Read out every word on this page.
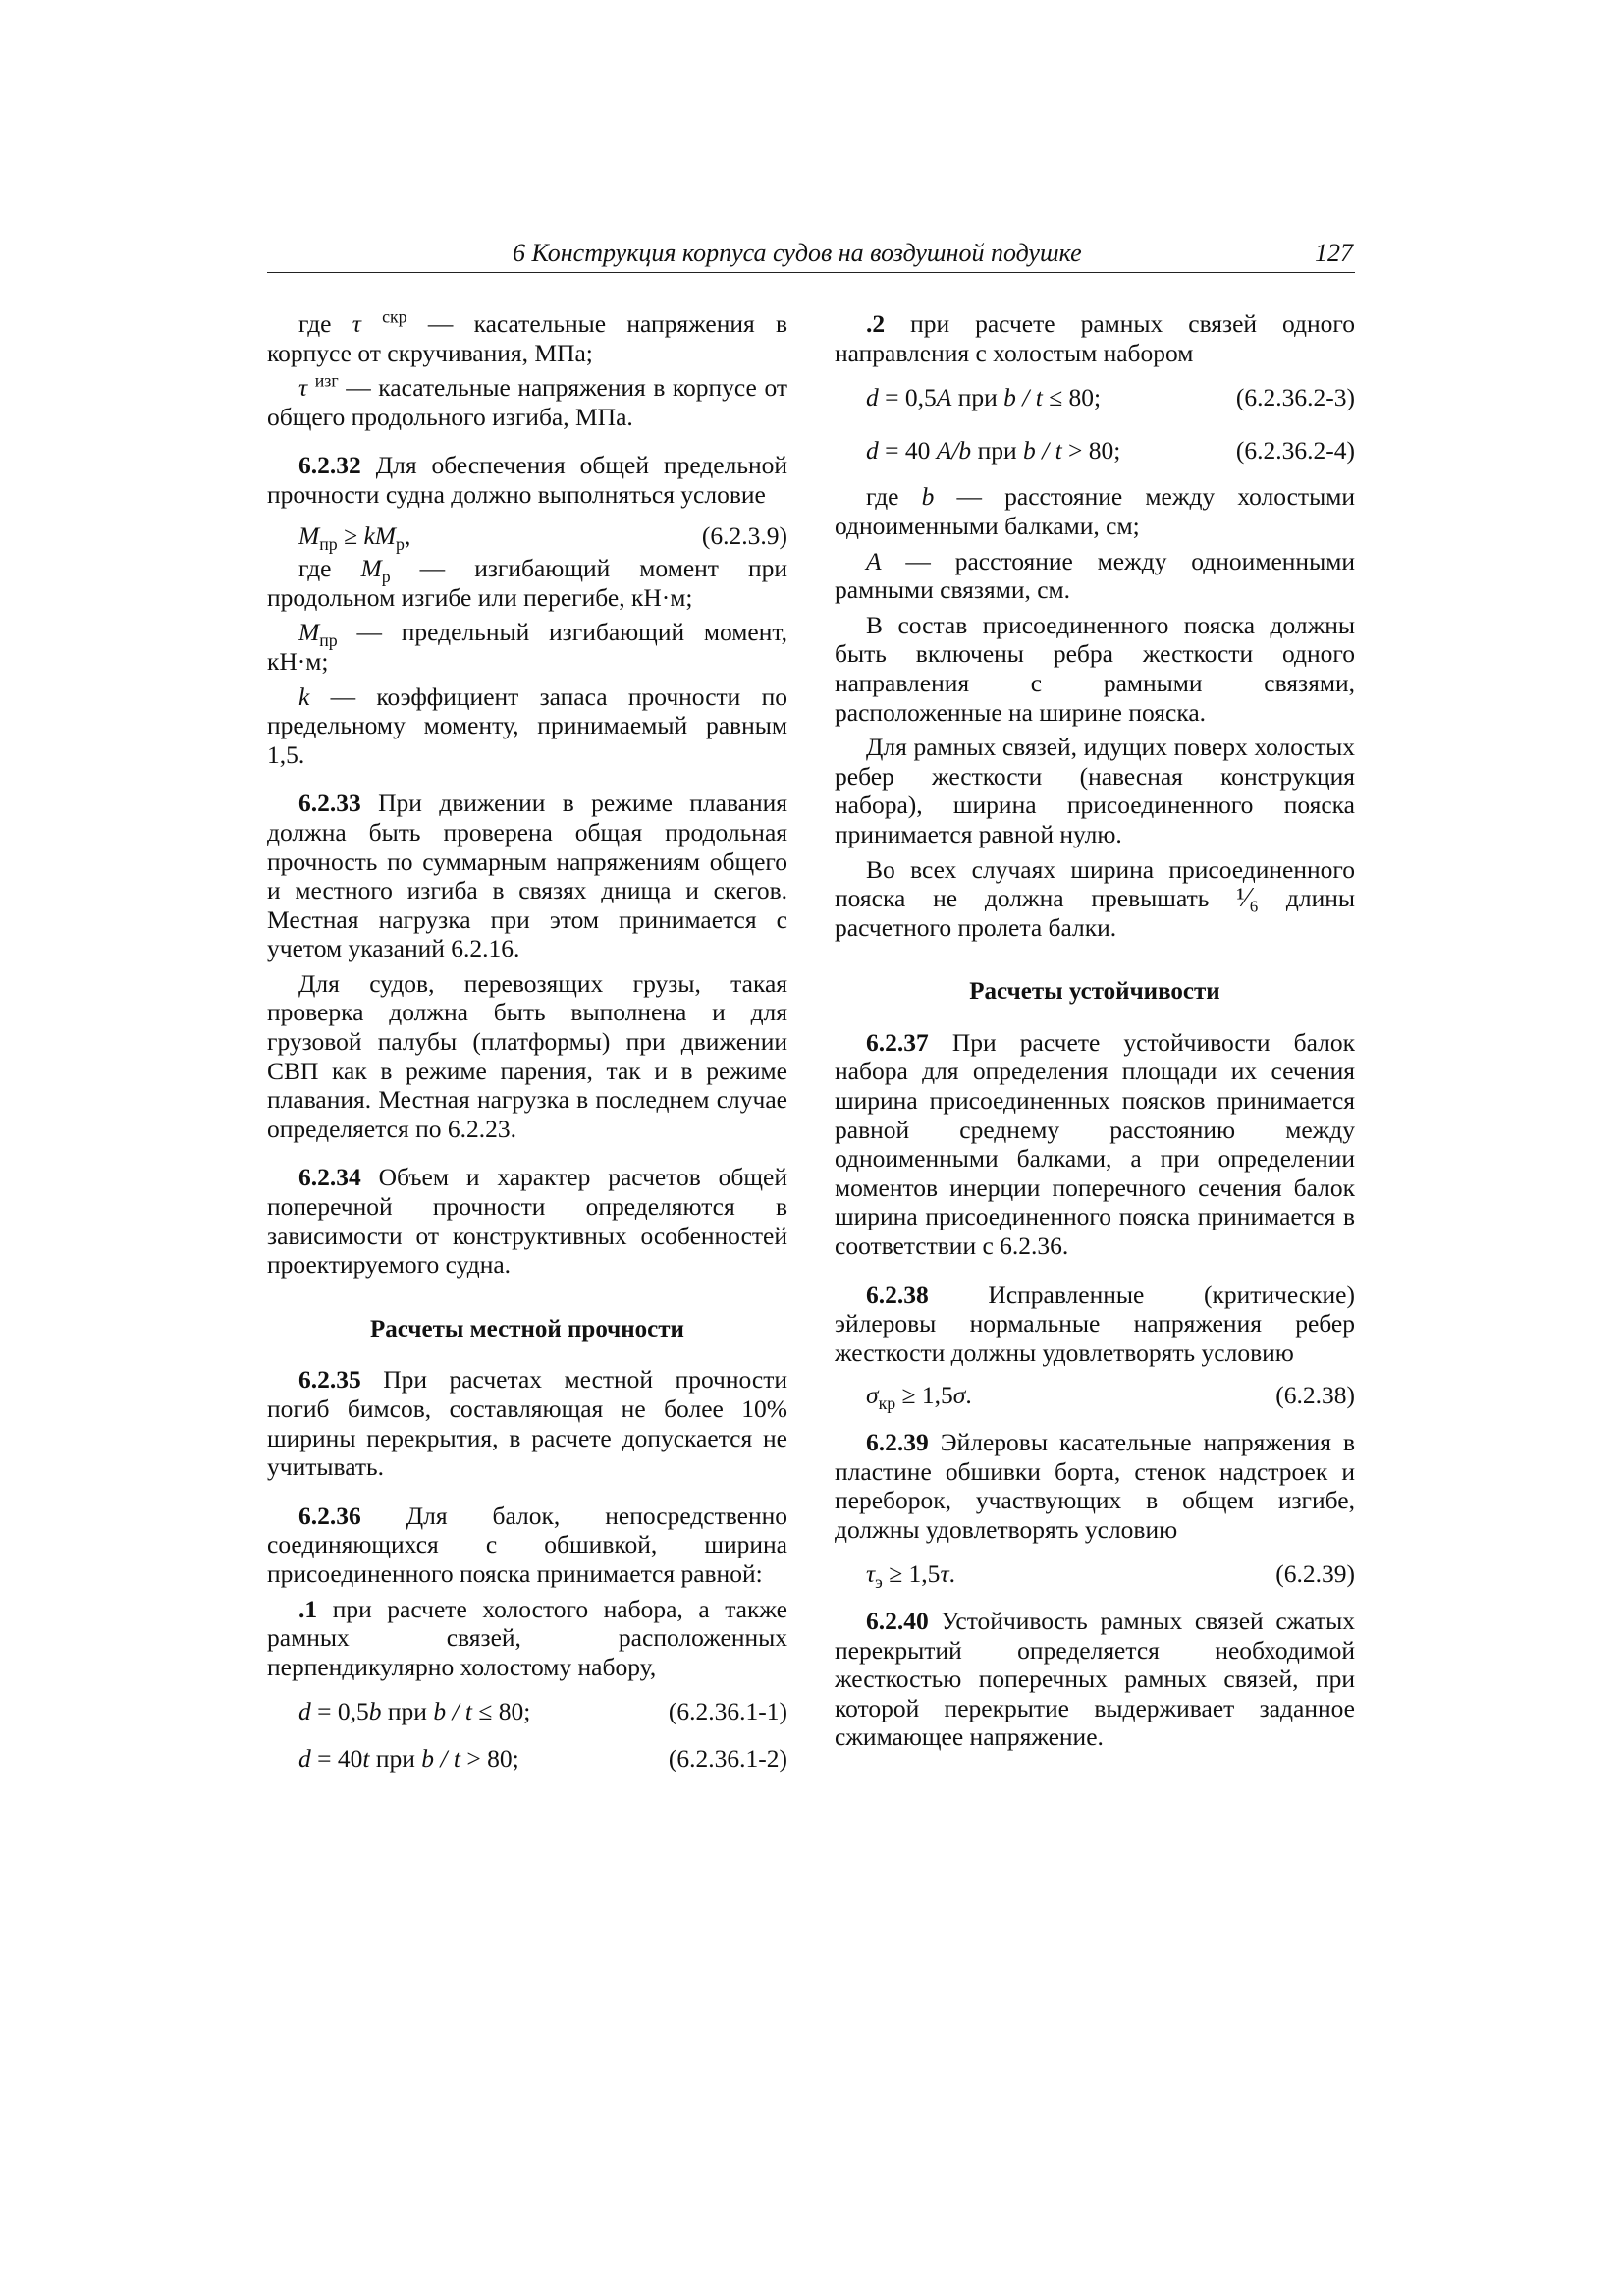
6 Конструкция корпуса судов на воздушной подушке	127

где τ $^{скр}$ — касательные напряжения в корпусе от скручивания, МПа;

τ $^{изг}$ — касательные напряжения в корпусе от общего продольного изгиба, МПа.

6.2.32 Для обеспечения общей предельной прочности судна должно выполняться условие

$M_{пр} \ge kM_р$,	(6.2.3.9)

где $M_р$ — изгибающий момент при продольном изгибе или перегибе, кН·м;

$M_{пр}$ — предельный изгибающий момент, кН·м;

k — коэффициент запаса прочности по предельному моменту, принимаемый равным 1,5.

6.2.33 При движении в режиме плавания должна быть проверена общая продольная прочность по суммарным напряжениям общего и местного изгиба в связях днища и скегов. Местная нагрузка при этом принимается с учетом указаний 6.2.16.

Для судов, перевозящих грузы, такая проверка должна быть выполнена и для грузовой палубы (платформы) при движении СВП как в режиме парения, так и в режиме плавания. Местная нагрузка в последнем случае определяется по 6.2.23.

6.2.34 Объем и характер расчетов общей поперечной прочности определяются в зависимости от конструктивных особенностей проектируемого судна.

Расчеты местной прочности

6.2.35 При расчетах местной прочности погиб бимсов, составляющая не более 10% ширины перекрытия, в расчете допускается не учитывать.

6.2.36 Для балок, непосредственно соединяющихся с обшивкой, ширина присоединенного пояска принимается равной:

.1 при расчете холостого набора, а также рамных связей, расположенных перпендикулярно холостому набору,

d = 0,5b при b / t ≤ 80;	(6.2.36.1-1)
d = 40t при b / t > 80;	(6.2.36.1-2)

.2 при расчете рамных связей одного направления с холостым набором

d = 0,5A при b / t ≤ 80;	(6.2.36.2-3)
d = 40 A/b при b / t > 80;	(6.2.36.2-4)

где b — расстояние между холостыми одноименными балками, см;

A — расстояние между одноименными рамными связями, см.

В состав присоединенного пояска должны быть включены ребра жесткости одного направления с рамными связями, расположенные на ширине пояска.

Для рамных связей, идущих поверх холостых ребер жесткости (навесная конструкция набора), ширина присоединенного пояска принимается равной нулю.

Во всех случаях ширина присоединенного пояска не должна превышать ¹⁄₆ длины расчетного пролета балки.

Расчеты устойчивости

6.2.37 При расчете устойчивости балок набора для определения площади их сечения ширина присоединенных поясков принимается равной среднему расстоянию между одноименными балками, а при определении моментов инерции поперечного сечения балок ширина присоединенного пояска принимается в соответствии с 6.2.36.

6.2.38 Исправленные (критические) эйлеровы нормальные напряжения ребер жесткости должны удовлетворять условию

$\sigma_{кр} \ge 1,5\sigma$.	(6.2.38)

6.2.39 Эйлеровы касательные напряжения в пластине обшивки борта, стенок надстроек и переборок, участвующих в общем изгибе, должны удовлетворять условию

$\tau_э \ge 1,5\tau$.	(6.2.39)

6.2.40 Устойчивость рамных связей сжатых перекрытий определяется необходимой жесткостью поперечных рамных связей, при которой перекрытие выдерживает заданное сжимающее напряжение.
